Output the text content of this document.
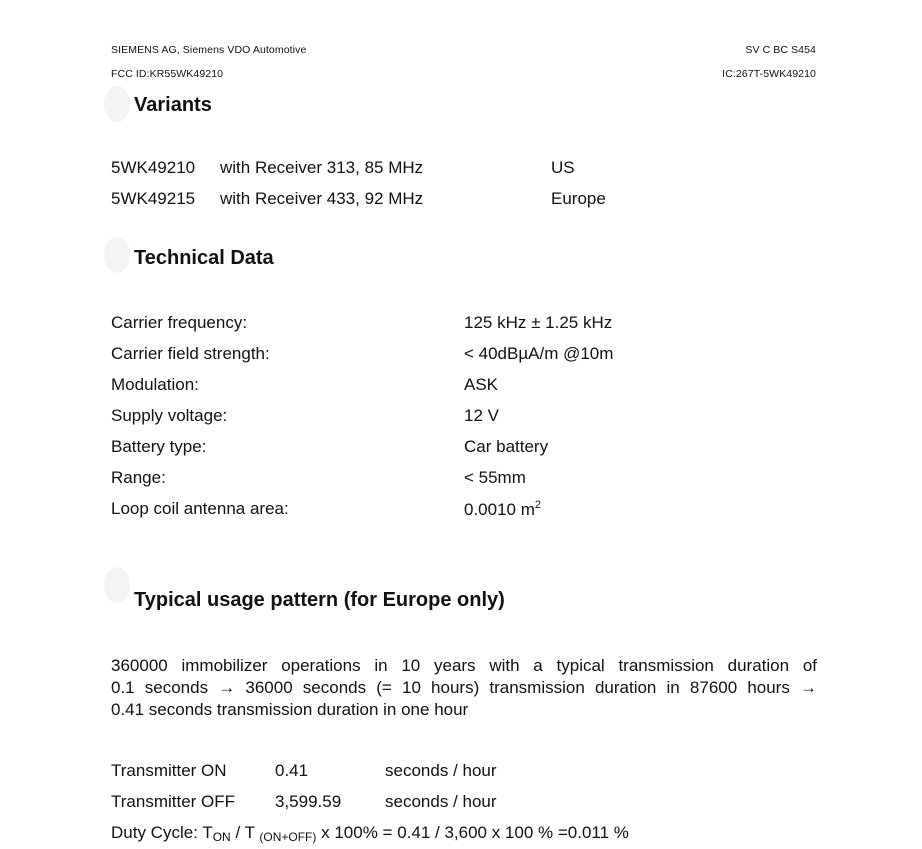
SIEMENS AG, Siemens VDO Automotive
FCC ID:KR55WK49210
SV C BC S454
IC:267T-5WK49210
Variants
5WK49210 with Receiver 313, 85 MHz	US
5WK49215 with Receiver 433, 92 MHz	Europe
Technical Data
Carrier frequency:	125 kHz ± 1.25 kHz
Carrier field strength:	< 40dBµA/m @10m
Modulation:	ASK
Supply voltage:	12 V
Battery type:	Car battery
Range:	< 55mm
Loop coil antenna area:	0.0010 $m^2$
Typical usage pattern (for Europe only)
360000 immobilizer operations in 10 years with a typical transmission duration of
0.1 seconds → 36000 seconds (= 10 hours) transmission duration in 87600 hours →
0.41 seconds transmission duration in one hour
Transmitter ON	0.41	seconds / hour
Transmitter OFF 3,599.59	seconds / hour
Duty Cycle: $T_{ON}$ / T $_{(ON+OFF)}$ x 100% = 0.41 / 3,600 x 100 % =0.011 %
